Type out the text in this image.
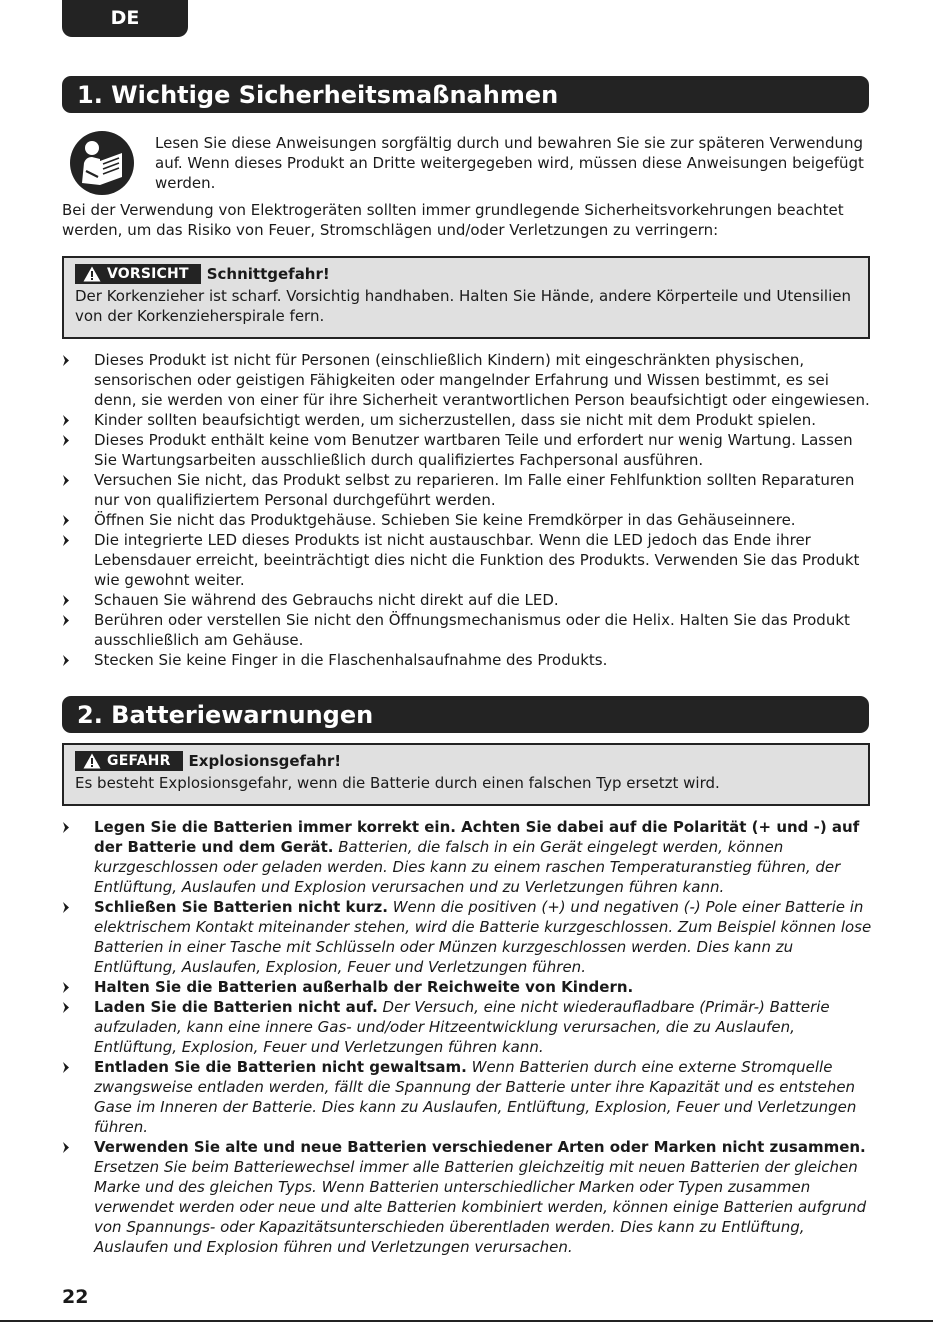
DE
1. Wichtige Sicherheitsmaßnahmen
Lesen Sie diese Anweisungen sorgfältig durch und bewahren Sie sie zur späteren Verwendung auf. Wenn dieses Produkt an Dritte weitergegeben wird, müssen diese Anweisungen beigefügt werden.
Bei der Verwendung von Elektrogeräten sollten immer grundlegende Sicherheitsvorkehrungen beachtet werden, um das Risiko von Feuer, Stromschlägen und/oder Verletzungen zu verringern:
VORSICHT Schnittgefahr!
Der Korkenzieher ist scharf. Vorsichtig handhaben. Halten Sie Hände, andere Körperteile und Utensilien von der Korkenzieherspirale fern.
Dieses Produkt ist nicht für Personen (einschließlich Kindern) mit eingeschränkten physischen, sensorischen oder geistigen Fähigkeiten oder mangelnder Erfahrung und Wissen bestimmt, es sei denn, sie werden von einer für ihre Sicherheit verantwortlichen Person beaufsichtigt oder eingewiesen.
Kinder sollten beaufsichtigt werden, um sicherzustellen, dass sie nicht mit dem Produkt spielen.
Dieses Produkt enthält keine vom Benutzer wartbaren Teile und erfordert nur wenig Wartung. Lassen Sie Wartungsarbeiten ausschließlich durch qualifiziertes Fachpersonal ausführen.
Versuchen Sie nicht, das Produkt selbst zu reparieren. Im Falle einer Fehlfunktion sollten Reparaturen nur von qualifiziertem Personal durchgeführt werden.
Öffnen Sie nicht das Produktgehäuse. Schieben Sie keine Fremdkörper in das Gehäuseinnere.
Die integrierte LED dieses Produkts ist nicht austauschbar. Wenn die LED jedoch das Ende ihrer Lebensdauer erreicht, beeinträchtigt dies nicht die Funktion des Produkts. Verwenden Sie das Produkt wie gewohnt weiter.
Schauen Sie während des Gebrauchs nicht direkt auf die LED.
Berühren oder verstellen Sie nicht den Öffnungsmechanismus oder die Helix. Halten Sie das Produkt ausschließlich am Gehäuse.
Stecken Sie keine Finger in die Flaschenhalsaufnahme des Produkts.
2. Batteriewarnungen
GEFAHR Explosionsgefahr!
Es besteht Explosionsgefahr, wenn die Batterie durch einen falschen Typ ersetzt wird.
Legen Sie die Batterien immer korrekt ein. Achten Sie dabei auf die Polarität (+ und -) auf der Batterie und dem Gerät. Batterien, die falsch in ein Gerät eingelegt werden, können kurzgeschlossen oder geladen werden. Dies kann zu einem raschen Temperaturanstieg führen, der Entlüftung, Auslaufen und Explosion verursachen und zu Verletzungen führen kann.
Schließen Sie Batterien nicht kurz. Wenn die positiven (+) und negativen (-) Pole einer Batterie in elektrischem Kontakt miteinander stehen, wird die Batterie kurzgeschlossen. Zum Beispiel können lose Batterien in einer Tasche mit Schlüsseln oder Münzen kurzgeschlossen werden. Dies kann zu Entlüftung, Auslaufen, Explosion, Feuer und Verletzungen führen.
Halten Sie die Batterien außerhalb der Reichweite von Kindern.
Laden Sie die Batterien nicht auf. Der Versuch, eine nicht wiederaufladbare (Primär-) Batterie aufzuladen, kann eine innere Gas- und/oder Hitzeentwicklung verursachen, die zu Auslaufen, Entlüftung, Explosion, Feuer und Verletzungen führen kann.
Entladen Sie die Batterien nicht gewaltsam. Wenn Batterien durch eine externe Stromquelle zwangsweise entladen werden, fällt die Spannung der Batterie unter ihre Kapazität und es entstehen Gase im Inneren der Batterie. Dies kann zu Auslaufen, Entlüftung, Explosion, Feuer und Verletzungen führen.
Verwenden Sie alte und neue Batterien verschiedener Arten oder Marken nicht zusammen. Ersetzen Sie beim Batteriewechsel immer alle Batterien gleichzeitig mit neuen Batterien der gleichen Marke und des gleichen Typs. Wenn Batterien unterschiedlicher Marken oder Typen zusammen verwendet werden oder neue und alte Batterien kombiniert werden, können einige Batterien aufgrund von Spannungs- oder Kapazitätsunterschieden überentladen werden. Dies kann zu Entlüftung, Auslaufen und Explosion führen und Verletzungen verursachen.
22
